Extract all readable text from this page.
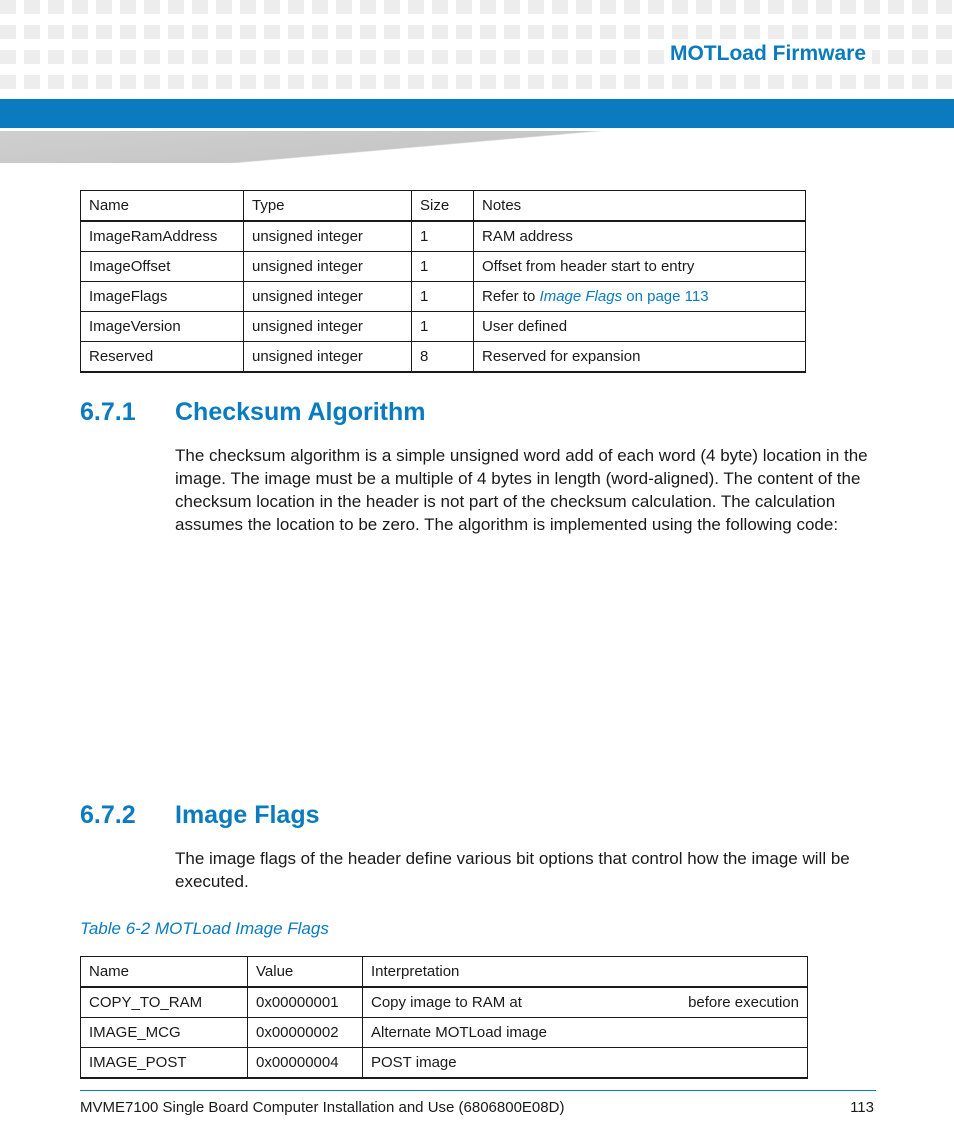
MOTLoad Firmware
Name	Type	Size	Notes
ImageRamAddress	unsigned integer	1	RAM address
ImageOffset	unsigned integer	1	Offset from header start to entry
ImageFlags	unsigned integer	1	Refer to Image Flags on page 113
ImageVersion	unsigned integer	1	User defined
Reserved	unsigned integer	8	Reserved for expansion
6.7.1 Checksum Algorithm

The checksum algorithm is a simple unsigned word add of each word (4 byte) location in the image. The image must be a multiple of 4 bytes in length (word-aligned). The content of the checksum location in the header is not part of the checksum calculation. The calculation assumes the location to be zero. The algorithm is implemented using the following code:

6.7.2 Image Flags

The image flags of the header define various bit options that control how the image will be executed.

Table 6-2 MOTLoad Image Flags
Name	Value	Interpretation
COPY_TO_RAM	0x00000001	Copy image to RAM at before execution

IMAGE_MCG	0x00000002	Alternate MOTLoad image
IMAGE_POST	0x00000004	POST image
MVME7100 Single Board Computer Installation and Use (6806800E08D)	113
